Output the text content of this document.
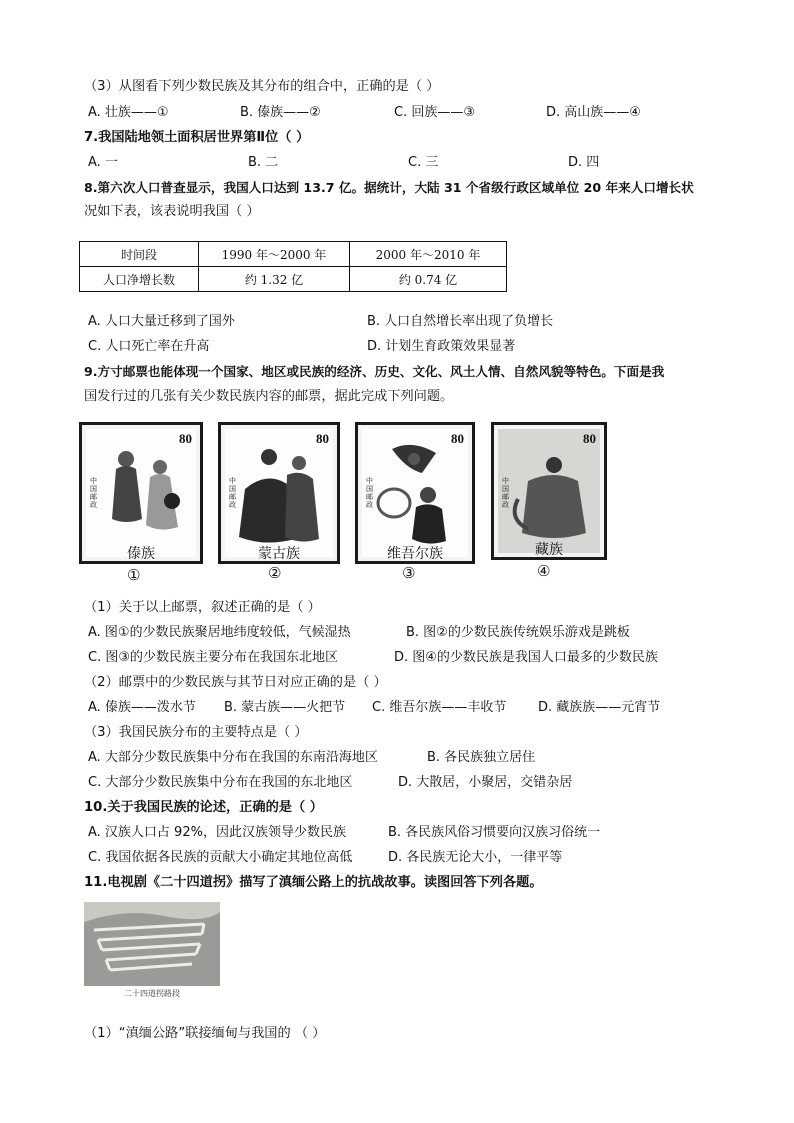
（3）从图看下列少数民族及其分布的组合中，正确的是（ ）
A. 壮族——①	B. 傣族——②	C. 回族——③	D. 高山族——④
7.我国陆地领土面积居世界第Ⅱ位（ ）
A. 一	B. 二	C. 三	D. 四
8.第六次人口普查显示，我国人口达到 13.7 亿。据统计，大陆 31 个省级行政区域单位 20 年来人口增长状
况如下表，该表说明我国（ ）
时间段	1990 年～2000 年	2000 年～2010 年
人口净增长数	约 1.32 亿	约 0.74 亿
A. 人口大量迁移到了国外	B. 人口自然增长率出现了负增长
C. 人口死亡率在升高	D. 计划生育政策效果显著
9.方寸邮票也能体现一个国家、地区或民族的经济、历史、文化、风土人情、自然风貌等特色。下面是我
国发行过的几张有关少数民族内容的邮票，据此完成下列问题。
80
中国邮政
傣族
①
80
中国邮政
蒙古族
②
80
中国邮政
维吾尔族
③
80
中国邮政
藏族
④
（1）关于以上邮票，叙述正确的是（ ）
A. 图①的少数民族聚居地纬度较低，气候湿热	B. 图②的少数民族传统娱乐游戏是跳板
C. 图③的少数民族主要分布在我国东北地区	D. 图④的少数民族是我国人口最多的少数民族
（2）邮票中的少数民族与其节日对应正确的是（ ）
A. 傣族——泼水节 B. 蒙古族——火把节 C. 维吾尔族——丰收节 D. 藏族族——元宵节
（3）我国民族分布的主要特点是（ ）
A. 大部分少数民族集中分布在我国的东南沿海地区	B. 各民族独立居住
C. 大部分少数民族集中分布在我国的东北地区	D. 大散居，小聚居，交错杂居
10.关于我国民族的论述，正确的是（ ）
A. 汉族人口占 92%，因此汉族领导少数民族	B. 各民族风俗习惯要向汉族习俗统一
C. 我国依据各民族的贡献大小确定其地位高低	D. 各民族无论大小，一律平等
11.电视剧《二十四道拐》描写了滇缅公路上的抗战故事。读图回答下列各题。
二十四道拐路段
（1）“滇缅公路”联接缅甸与我国的 （ ）
